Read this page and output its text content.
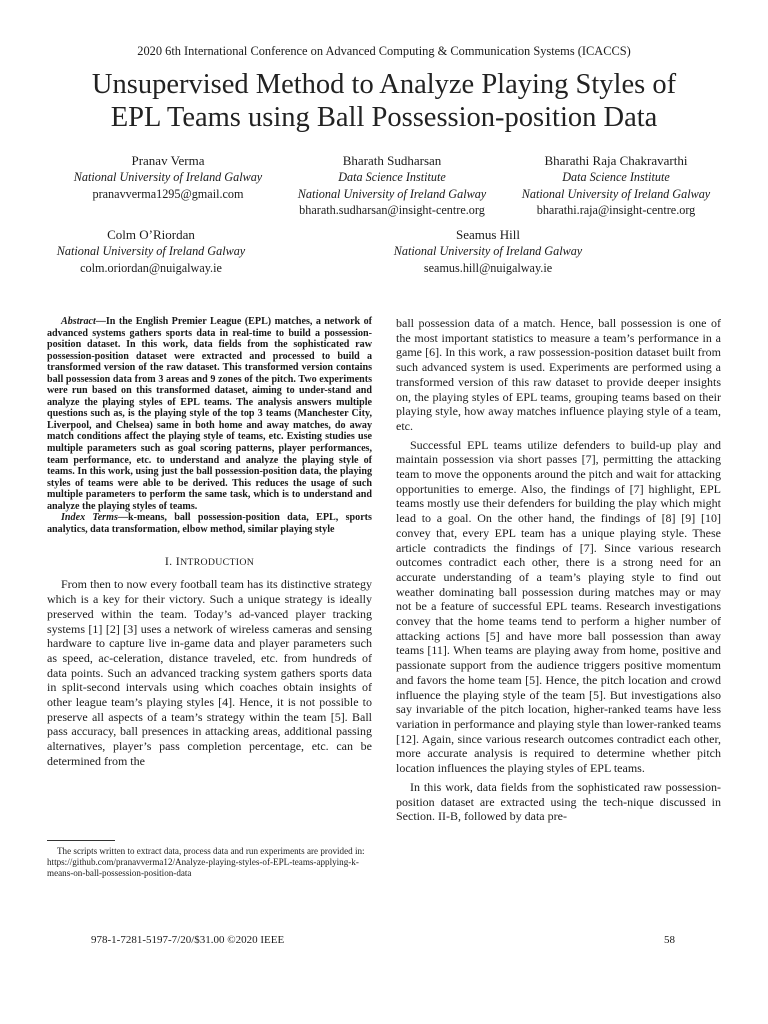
2020 6th International Conference on Advanced Computing & Communication Systems (ICACCS)
Unsupervised Method to Analyze Playing Styles of
EPL Teams using Ball Possession-position Data
Pranav Verma
National University of Ireland Galway
pranavverma1295@gmail.com
Bharath Sudharsan
Data Science Institute
National University of Ireland Galway
bharath.sudharsan@insight-centre.org
Bharathi Raja Chakravarthi
Data Science Institute
National University of Ireland Galway
bharathi.raja@insight-centre.org
Colm O’Riordan
National University of Ireland Galway
colm.oriordan@nuigalway.ie
Seamus Hill
National University of Ireland Galway
seamus.hill@nuigalway.ie

Abstract—In the English Premier League (EPL) matches, a network of advanced systems gathers sports data in real-time to build a possession-position dataset. In this work, data fields from the sophisticated raw possession-position dataset were extracted and processed to build a transformed version of the raw dataset. This transformed version contains ball possession data from 3 areas and 9 zones of the pitch. Two experiments were run based on this transformed dataset, aiming to under-stand and analyze the playing styles of EPL teams. The analysis answers multiple questions such as, is the playing style of the top 3 teams (Manchester City, Liverpool, and Chelsea) same in both home and away matches, do away match conditions affect the playing style of teams, etc. Existing studies use multiple parameters such as goal scoring patterns, player performances, team performance, etc. to understand and analyze the playing style of teams. In this work, using just the ball possession-position data, the playing styles of teams were able to be derived. This reduces the usage of such multiple parameters to perform the same task, which is to understand and analyze the playing styles of teams.

Index Terms—k-means, ball possession-position data, EPL, sports analytics, data transformation, elbow method, similar playing style

I. INTRODUCTION

From then to now every football team has its distinctive strategy which is a key for their victory. Such a unique strategy is ideally preserved within the team. Today’s ad-vanced player tracking systems [1] [2] [3] uses a network of wireless cameras and sensing hardware to capture live in-game data and player parameters such as speed, ac-celeration, distance traveled, etc. from hundreds of data points. Such an advanced tracking system gathers sports data in split-second intervals using which coaches obtain insights of other league team’s playing styles [4]. Hence, it is not possible to preserve all aspects of a team’s strategy within the team [5]. Ball pass accuracy, ball presences in attacking areas, additional passing alternatives, player’s pass completion percentage, etc. can be determined from the

The scripts written to extract data, process data and run experiments are provided in: https://github.com/pranavverma12/Analyze-playing-styles-of-EPL-teams-applying-k-means-on-ball-possession-position-data

ball possession data of a match. Hence, ball possession is one of the most important statistics to measure a team’s performance in a game [6]. In this work, a raw possession-position dataset built from such advanced system is used. Experiments are performed using a transformed version of this raw dataset to provide deeper insights on, the playing styles of EPL teams, grouping teams based on their playing style, how away matches influence playing style of a team, etc.

Successful EPL teams utilize defenders to build-up play and maintain possession via short passes [7], permitting the attacking team to move the opponents around the pitch and wait for attacking opportunities to emerge. Also, the findings of [7] highlight, EPL teams mostly use their defenders for building the play which might lead to a goal. On the other hand, the findings of [8] [9] [10] convey that, every EPL team has a unique playing style. These article contradicts the findings of [7]. Since various research outcomes contradict each other, there is a strong need for an accurate understanding of a team’s playing style to find out weather dominating ball possession during matches may or may not be a feature of successful EPL teams. Research investigations convey that the home teams tend to perform a higher number of attacking actions [5] and have more ball possession than away teams [11]. When teams are playing away from home, positive and passionate support from the audience triggers positive momentum and favors the home team [5]. Hence, the pitch location and crowd influence the playing style of the team [5]. But investigations also say invariable of the pitch location, higher-ranked teams have less variation in performance and playing style than lower-ranked teams [12]. Again, since various research outcomes contradict each other, more accurate analysis is required to determine whether pitch location influences the playing styles of EPL teams.

In this work, data fields from the sophisticated raw possession-position dataset are extracted using the tech-nique discussed in Section. II-B, followed by data pre-

978-1-7281-5197-7/20/$31.00 ©2020 IEEE	58
